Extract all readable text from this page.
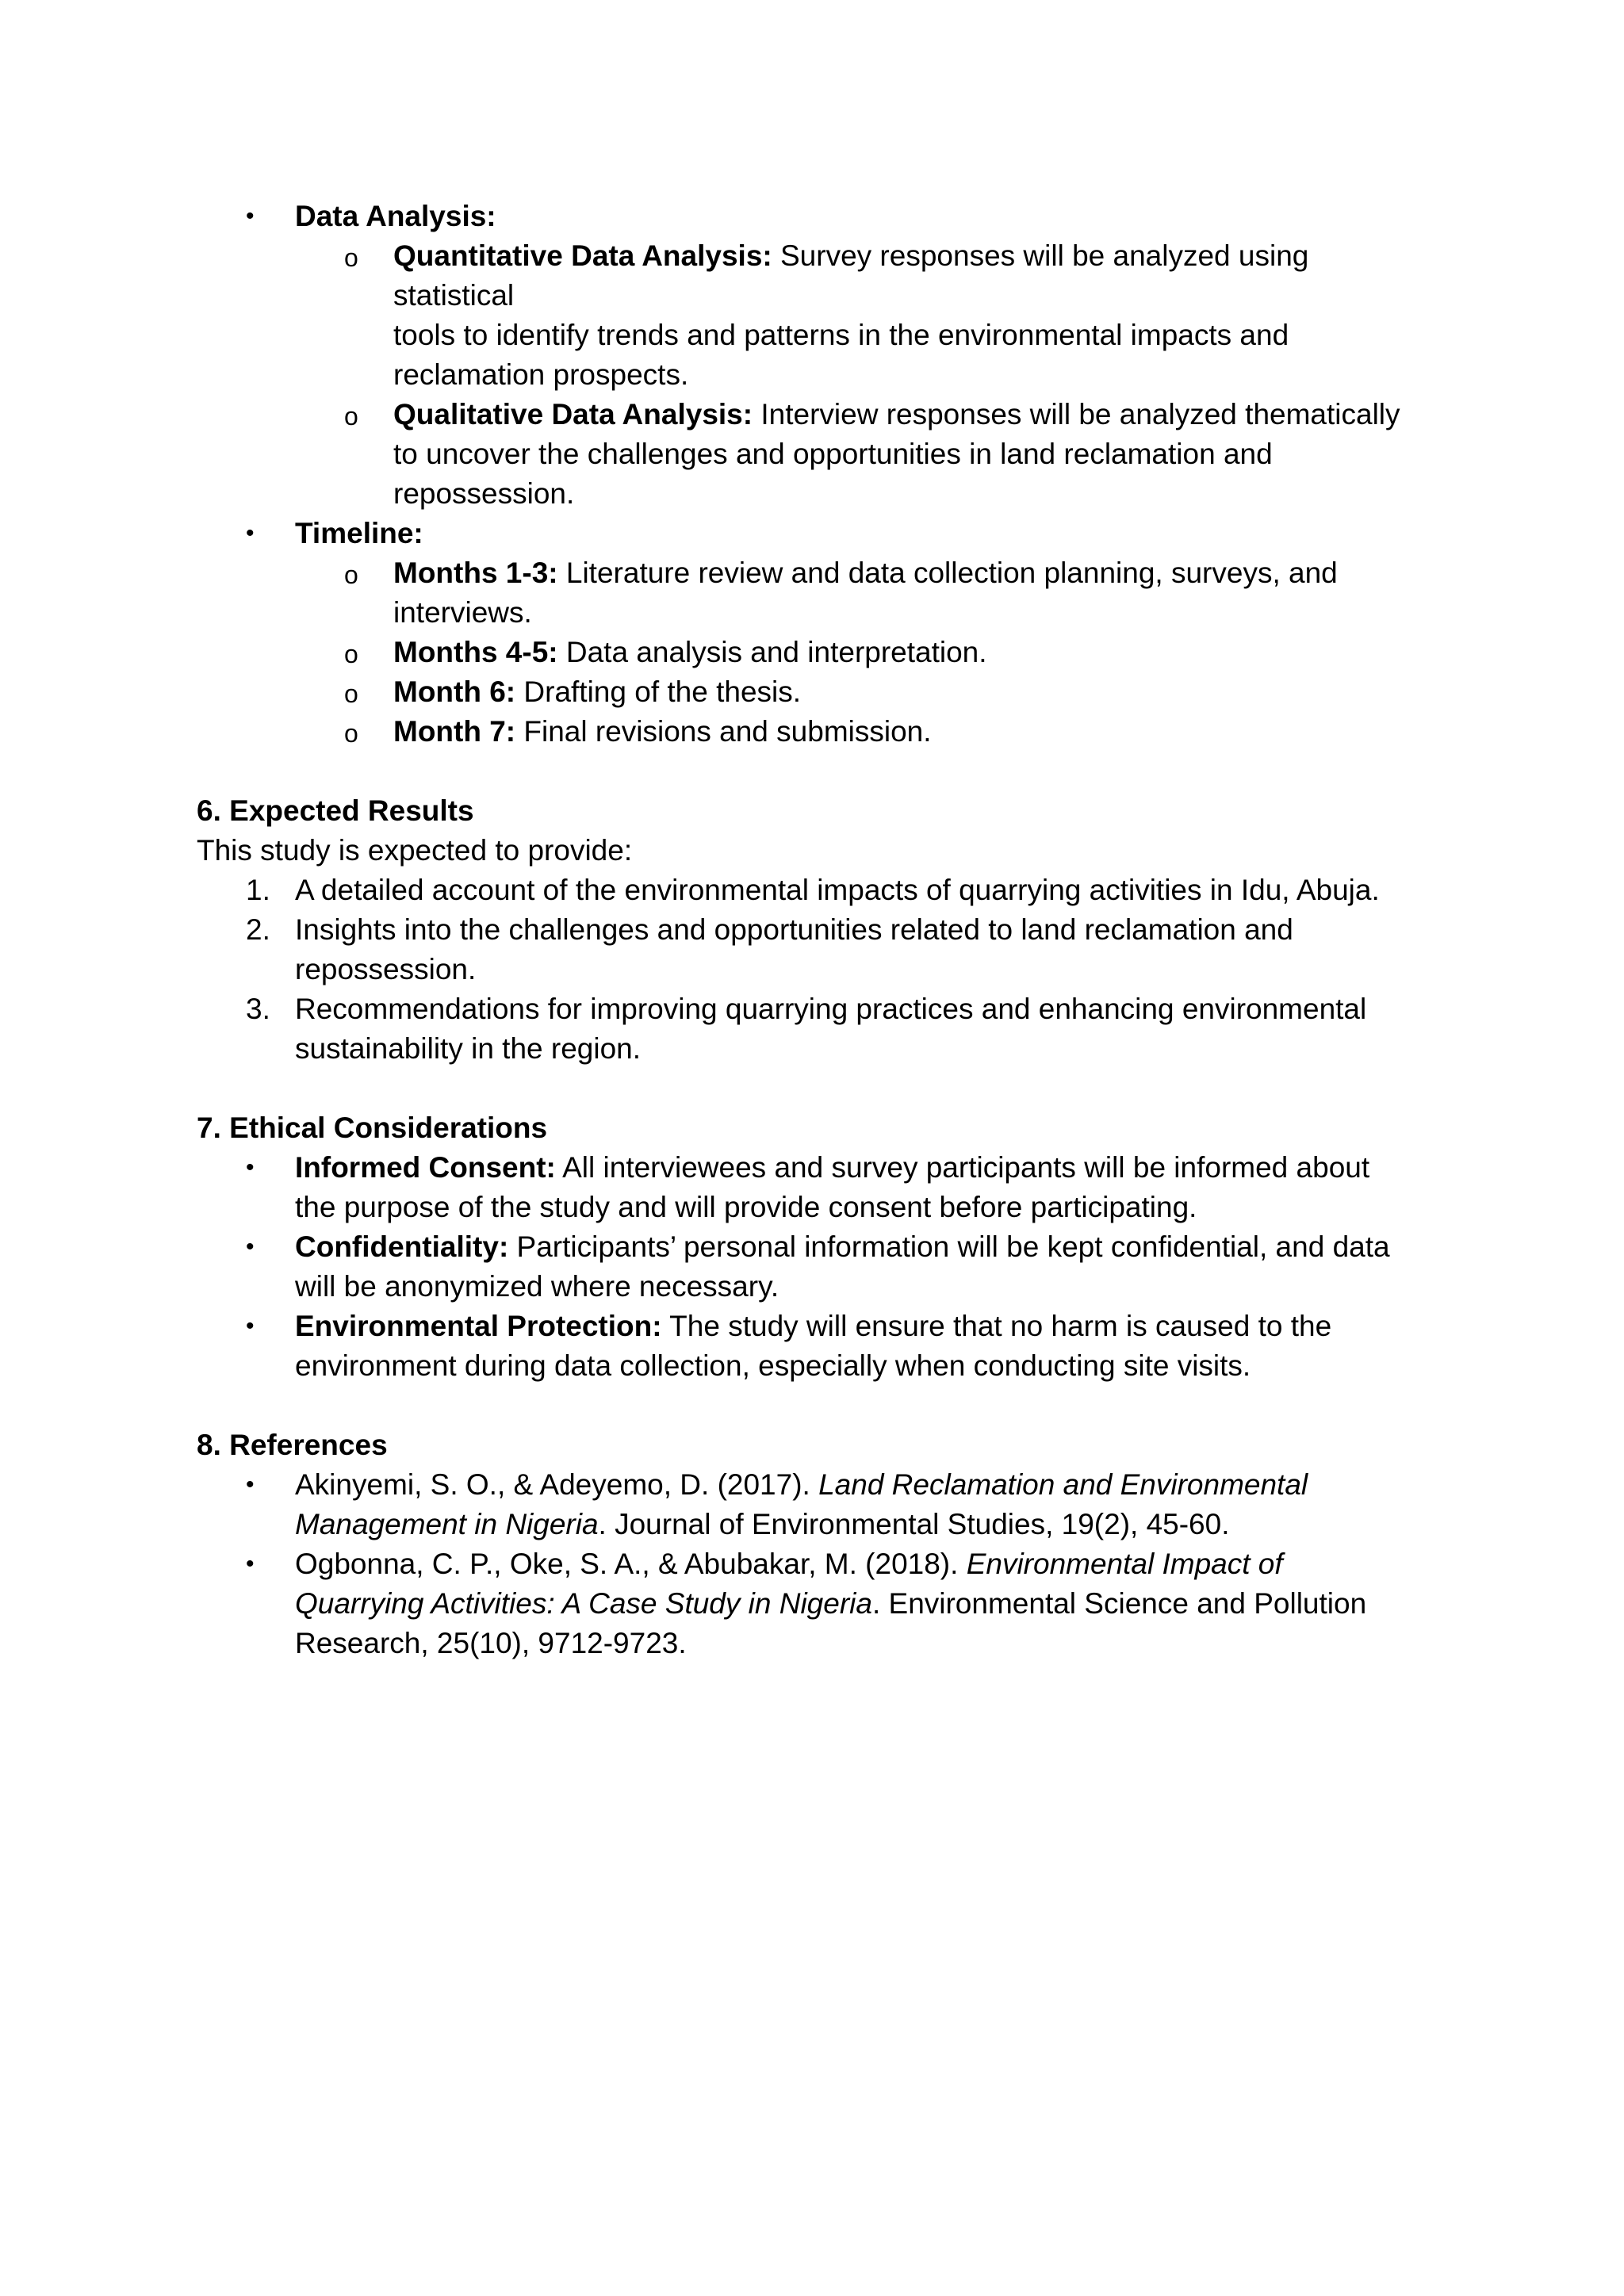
•	Data Analysis:
o Quantitative Data Analysis: Survey responses will be analyzed using statistical
tools to identify trends and patterns in the environmental impacts and
reclamation prospects.
o Qualitative Data Analysis: Interview responses will be analyzed thematically
to uncover the challenges and opportunities in land reclamation and
repossession.
•	Timeline:
o Months 1-3: Literature review and data collection planning, surveys, and
interviews.
o Months 4-5: Data analysis and interpretation.
o Month 6: Drafting of the thesis.
o Month 7: Final revisions and submission.
6. Expected Results
This study is expected to provide:
1. A detailed account of the environmental impacts of quarrying activities in Idu, Abuja.
2. Insights into the challenges and opportunities related to land reclamation and
repossession.
3. Recommendations for improving quarrying practices and enhancing environmental
sustainability in the region.
7. Ethical Considerations
•	Informed Consent: All interviewees and survey participants will be informed about
the purpose of the study and will provide consent before participating.
•	Confidentiality: Participants’ personal information will be kept confidential, and data
will be anonymized where necessary.
•	Environmental Protection: The study will ensure that no harm is caused to the
environment during data collection, especially when conducting site visits.
8. References
•	Akinyemi, S. O., & Adeyemo, D. (2017). Land Reclamation and Environmental
Management in Nigeria. Journal of Environmental Studies, 19(2), 45-60.
•	Ogbonna, C. P., Oke, S. A., & Abubakar, M. (2018). Environmental Impact of
Quarrying Activities: A Case Study in Nigeria. Environmental Science and Pollution
Research, 25(10), 9712-9723.
